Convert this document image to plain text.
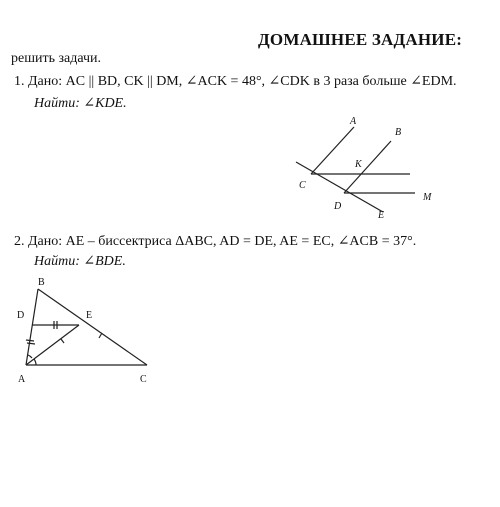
ДОМАШНЕЕ ЗАДАНИЕ:
решить задачи.
1. Дано: AC || BD, CK || DM, ∠ACK = 48°, ∠CDK в 3 раза больше ∠EDM.
Найти: ∠KDE.
A
B
K
C
M
D
E
B
D	E
A	C
2. Дано: AE – биссектриса ΔABC, AD = DE, AE = EC, ∠ACB = 37°.
Найти: ∠BDE.
